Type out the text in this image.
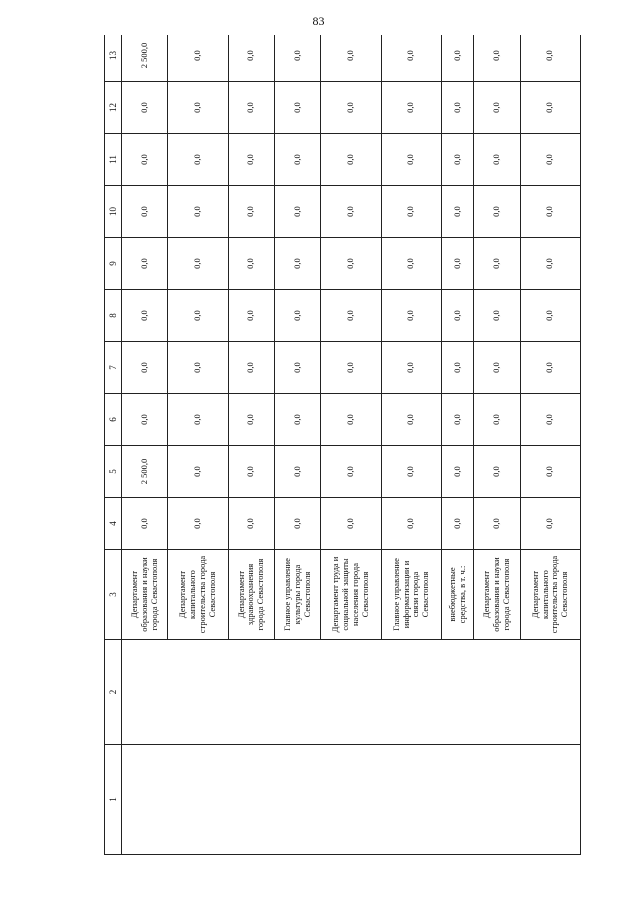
83
1	2	3	4	5	6	7	8	9	10	11	12	13
		Департамент образования и науки города Севастополя	0,0	2 500,0	0,0	0,0	0,0	0,0	0,0	0,0	0,0	2 500,0
		Департамент капитального строительства города Севастополя	0,0	0,0	0,0	0,0	0,0	0,0	0,0	0,0	0,0	0,0
		Департамент здравоохранения города Севастополя	0,0	0,0	0,0	0,0	0,0	0,0	0,0	0,0	0,0	0,0
		Главное управление культуры города Севастополя	0,0	0,0	0,0	0,0	0,0	0,0	0,0	0,0	0,0	0,0
		Департамент труда и социальной защиты населения города Севастополя	0,0	0,0	0,0	0,0	0,0	0,0	0,0	0,0	0,0	0,0
		Главное управление информатизации и связи города Севастополя	0,0	0,0	0,0	0,0	0,0	0,0	0,0	0,0	0,0	0,0
		внебюджетные средства, в т. ч.:	0,0	0,0	0,0	0,0	0,0	0,0	0,0	0,0	0,0	0,0
		Департамент образования и науки города Севастополя	0,0	0,0	0,0	0,0	0,0	0,0	0,0	0,0	0,0	0,0
		Департамент капитального строительства города Севастополя	0,0	0,0	0,0	0,0	0,0	0,0	0,0	0,0	0,0	0,0
